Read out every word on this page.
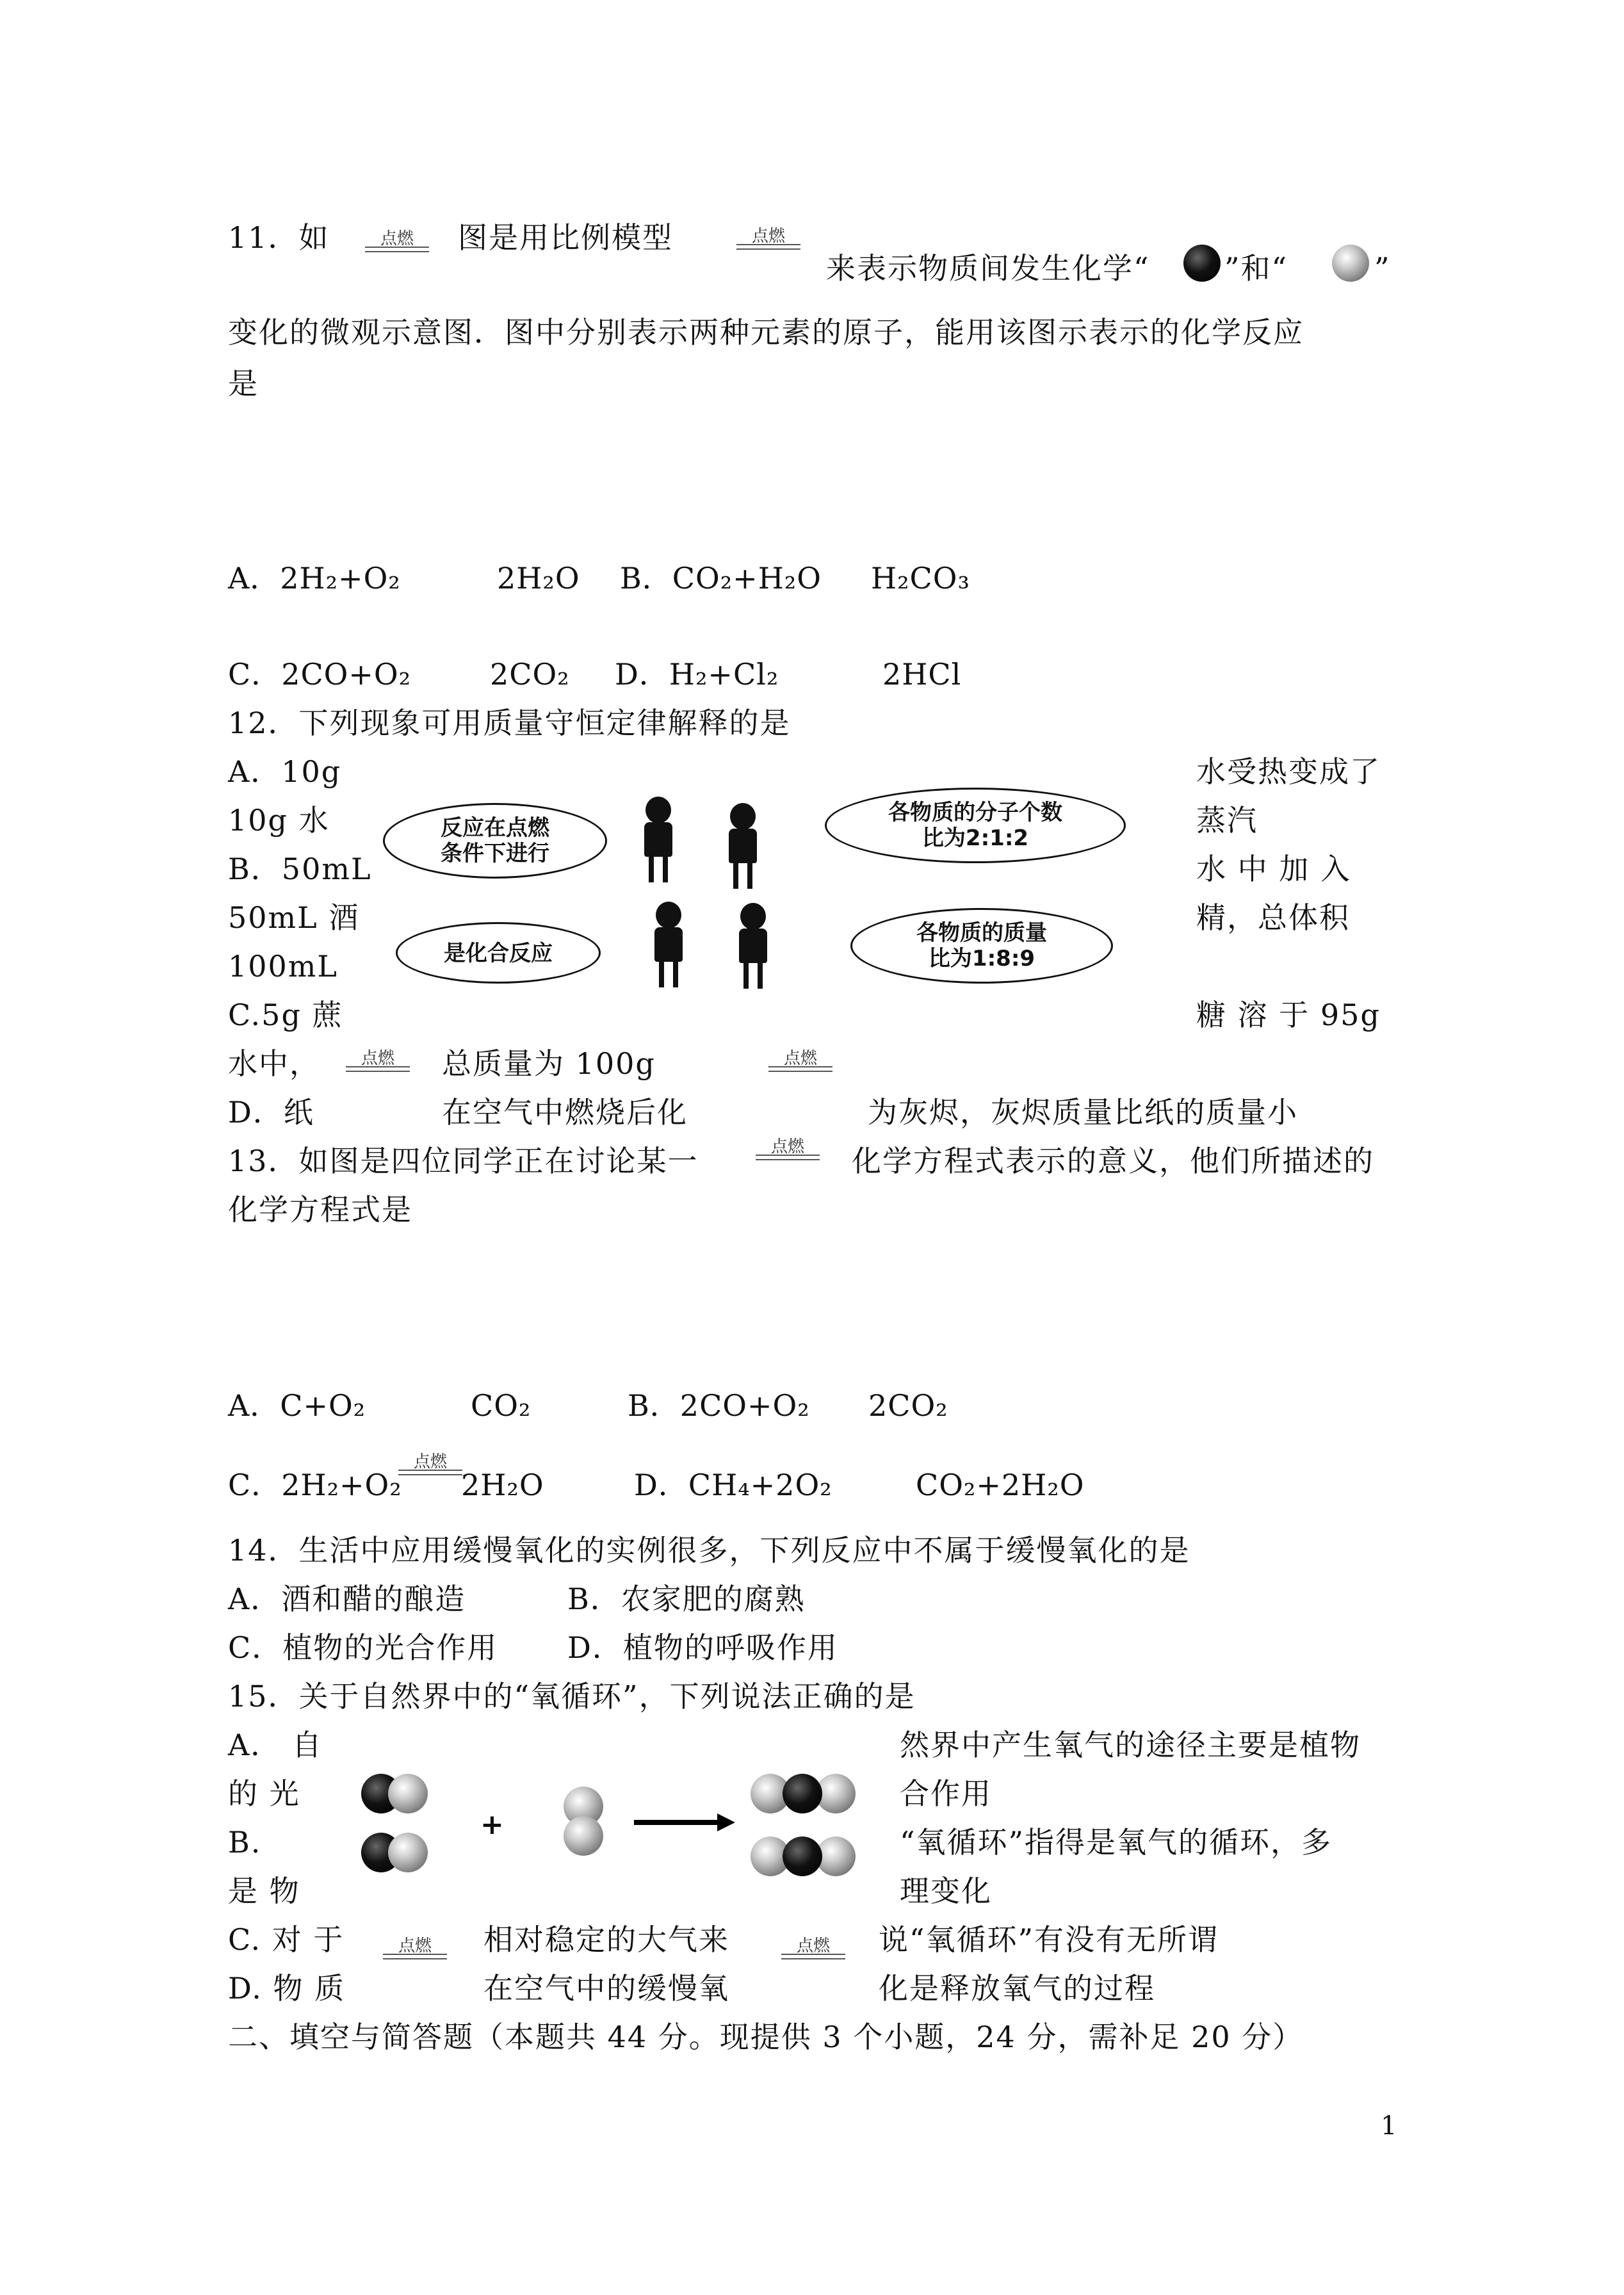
11．如	点燃	图是用比例模型	点燃
来表示物质间发生化学“	”和“	”
变化的微观示意图．图中分别表示两种元素的原子，能用该图示表示的化学反应
是
A．2H₂+O₂	2H₂O B．CO₂+H₂O H₂CO₃
C．2CO+O₂	2CO₂ D．H₂+Cl₂	2HCl
12．下列现象可用质量守恒定律解释的是
A．10g	水受热变成了
10g 水	蒸汽
B．50mL	水 中 加 入
50mL 酒	精，总体积
100mL
C.5g 蔗	糖 溶 于 95g
水中，	点燃	总质量为 100g	点燃
D．纸	在空气中燃烧后化	为灰烬，灰烬质量比纸的质量小
反应在点燃
条件下进行
各物质的分子个数
比为2:1:2
是化合反应
各物质的质量
比为1:8:9
13．如图是四位同学正在讨论某一	点燃	化学方程式表示的意义，他们所描述的
化学方程式是
A．C+O₂	CO₂	B．2CO+O₂ 2CO₂
C．2H₂+O₂
点燃
2H₂O	D．CH₄+2O₂	CO₂+2H₂O
14．生活中应用缓慢氧化的实例很多，下列反应中不属于缓慢氧化的是
A．酒和醋的酿造	B．农家肥的腐熟
C．植物的光合作用 D．植物的呼吸作用
15．关于自然界中的“氧循环”，下列说法正确的是
A． 自	然界中产生氧气的途径主要是植物
的 光	合作用
B.	“氧循环”指得是氧气的循环，多
是 物	理变化
+
C. 对 于	点燃	相对稳定的大气来	点燃	说“氧循环”有没有无所谓
D. 物 质	在空气中的缓慢氧	化是释放氧气的过程
二、填空与简答题（本题共 44 分。现提供 3 个小题，24 分，需补足 20 分）
1
